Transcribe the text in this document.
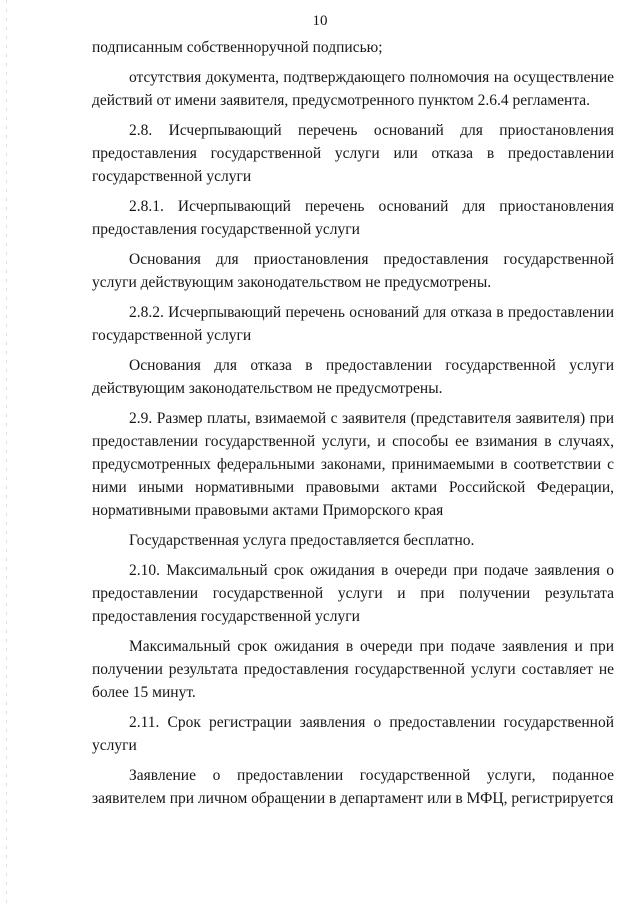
10

подписанным собственноручной подписью;

отсутствия документа, подтверждающего полномочия на осуществление действий от имени заявителя, предусмотренного пунктом 2.6.4 регламента.

2.8. Исчерпывающий перечень оснований для приостановления предоставления государственной услуги или отказа в предоставлении государственной услуги

2.8.1. Исчерпывающий перечень оснований для приостановления предоставления государственной услуги

Основания для приостановления предоставления государственной услуги действующим законодательством не предусмотрены.

2.8.2. Исчерпывающий перечень оснований для отказа в предоставлении государственной услуги

Основания для отказа в предоставлении государственной услуги действующим законодательством не предусмотрены.

2.9. Размер платы, взимаемой с заявителя (представителя заявителя) при предоставлении государственной услуги, и способы ее взимания в случаях, предусмотренных федеральными законами, принимаемыми в соответствии с ними иными нормативными правовыми актами Российской Федерации, нормативными правовыми актами Приморского края

Государственная услуга предоставляется бесплатно.

2.10. Максимальный срок ожидания в очереди при подаче заявления о предоставлении государственной услуги и при получении результата предоставления государственной услуги

Максимальный срок ожидания в очереди при подаче заявления и при получении результата предоставления государственной услуги составляет не более 15 минут.

2.11. Срок регистрации заявления о предоставлении государственной услуги

Заявление о предоставлении государственной услуги, поданное заявителем при личном обращении в департамент или в МФЦ, регистрируется
